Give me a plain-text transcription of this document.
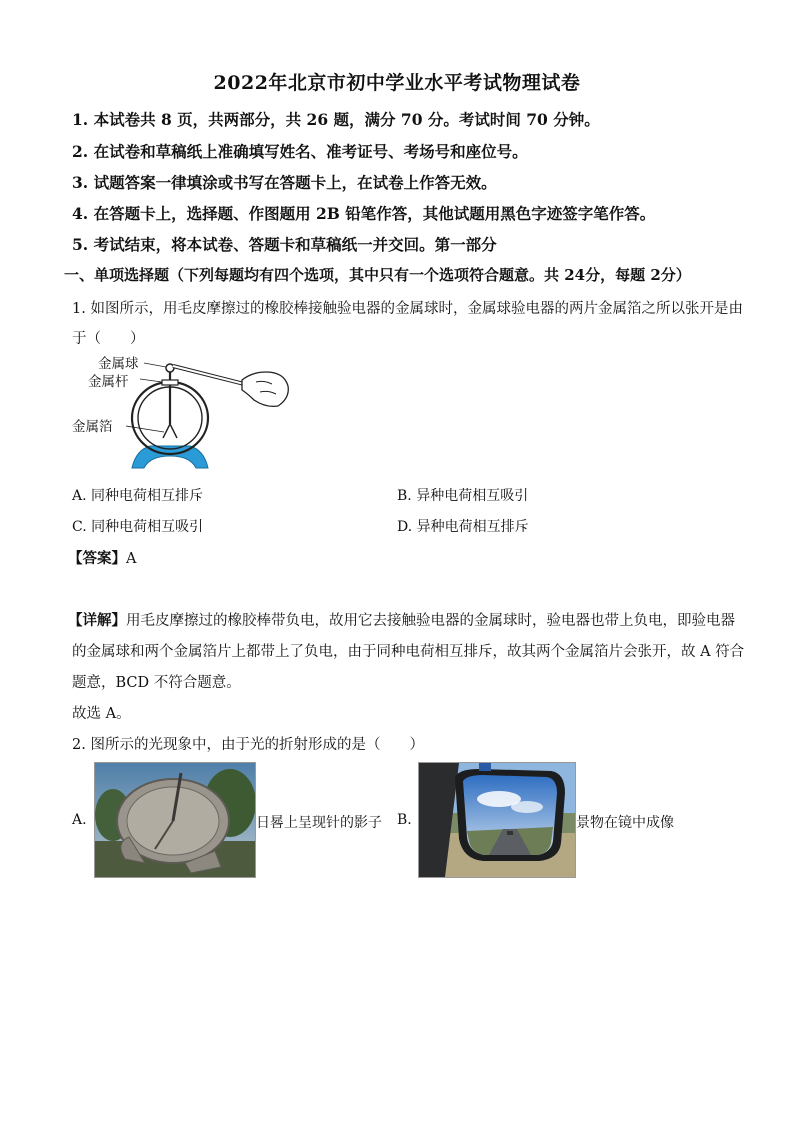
2022年北京市初中学业水平考试物理试卷
1. 本试卷共 8 页，共两部分，共 26 题，满分 70 分。考试时间 70 分钟。
2. 在试卷和草稿纸上准确填写姓名、准考证号、考场号和座位号。
3. 试题答案一律填涂或书写在答题卡上，在试卷上作答无效。
4. 在答题卡上，选择题、作图题用 2B 铅笔作答，其他试题用黑色字迹签字笔作答。
5. 考试结束，将本试卷、答题卡和草稿纸一并交回。第一部分
一、单项选择题（下列每题均有四个选项，其中只有一个选项符合题意。共 24分，每题 2分）
1. 如图所示，用毛皮摩擦过的橡胶棒接触验电器的金属球时，金属球验电器的两片金属箔之所以张开是由
于（　　）
金属球
金属杆
金属箔
A. 同种电荷相互排斥	B. 异种电荷相互吸引
C. 同种电荷相互吸引	D. 异种电荷相互排斥
【答案】A
【详解】用毛皮摩擦过的橡胶棒带负电，故用它去接触验电器的金属球时，验电器也带上负电，即验电器
的金属球和两个金属箔片上都带上了负电，由于同种电荷相互排斥，故其两个金属箔片会张开，故 A 符合
题意，BCD 不符合题意。
故选 A。
2. 图所示的光现象中，由于光的折射形成的是（　　）
A.	日晷上呈现针的影子 B.	景物在镜中成像
